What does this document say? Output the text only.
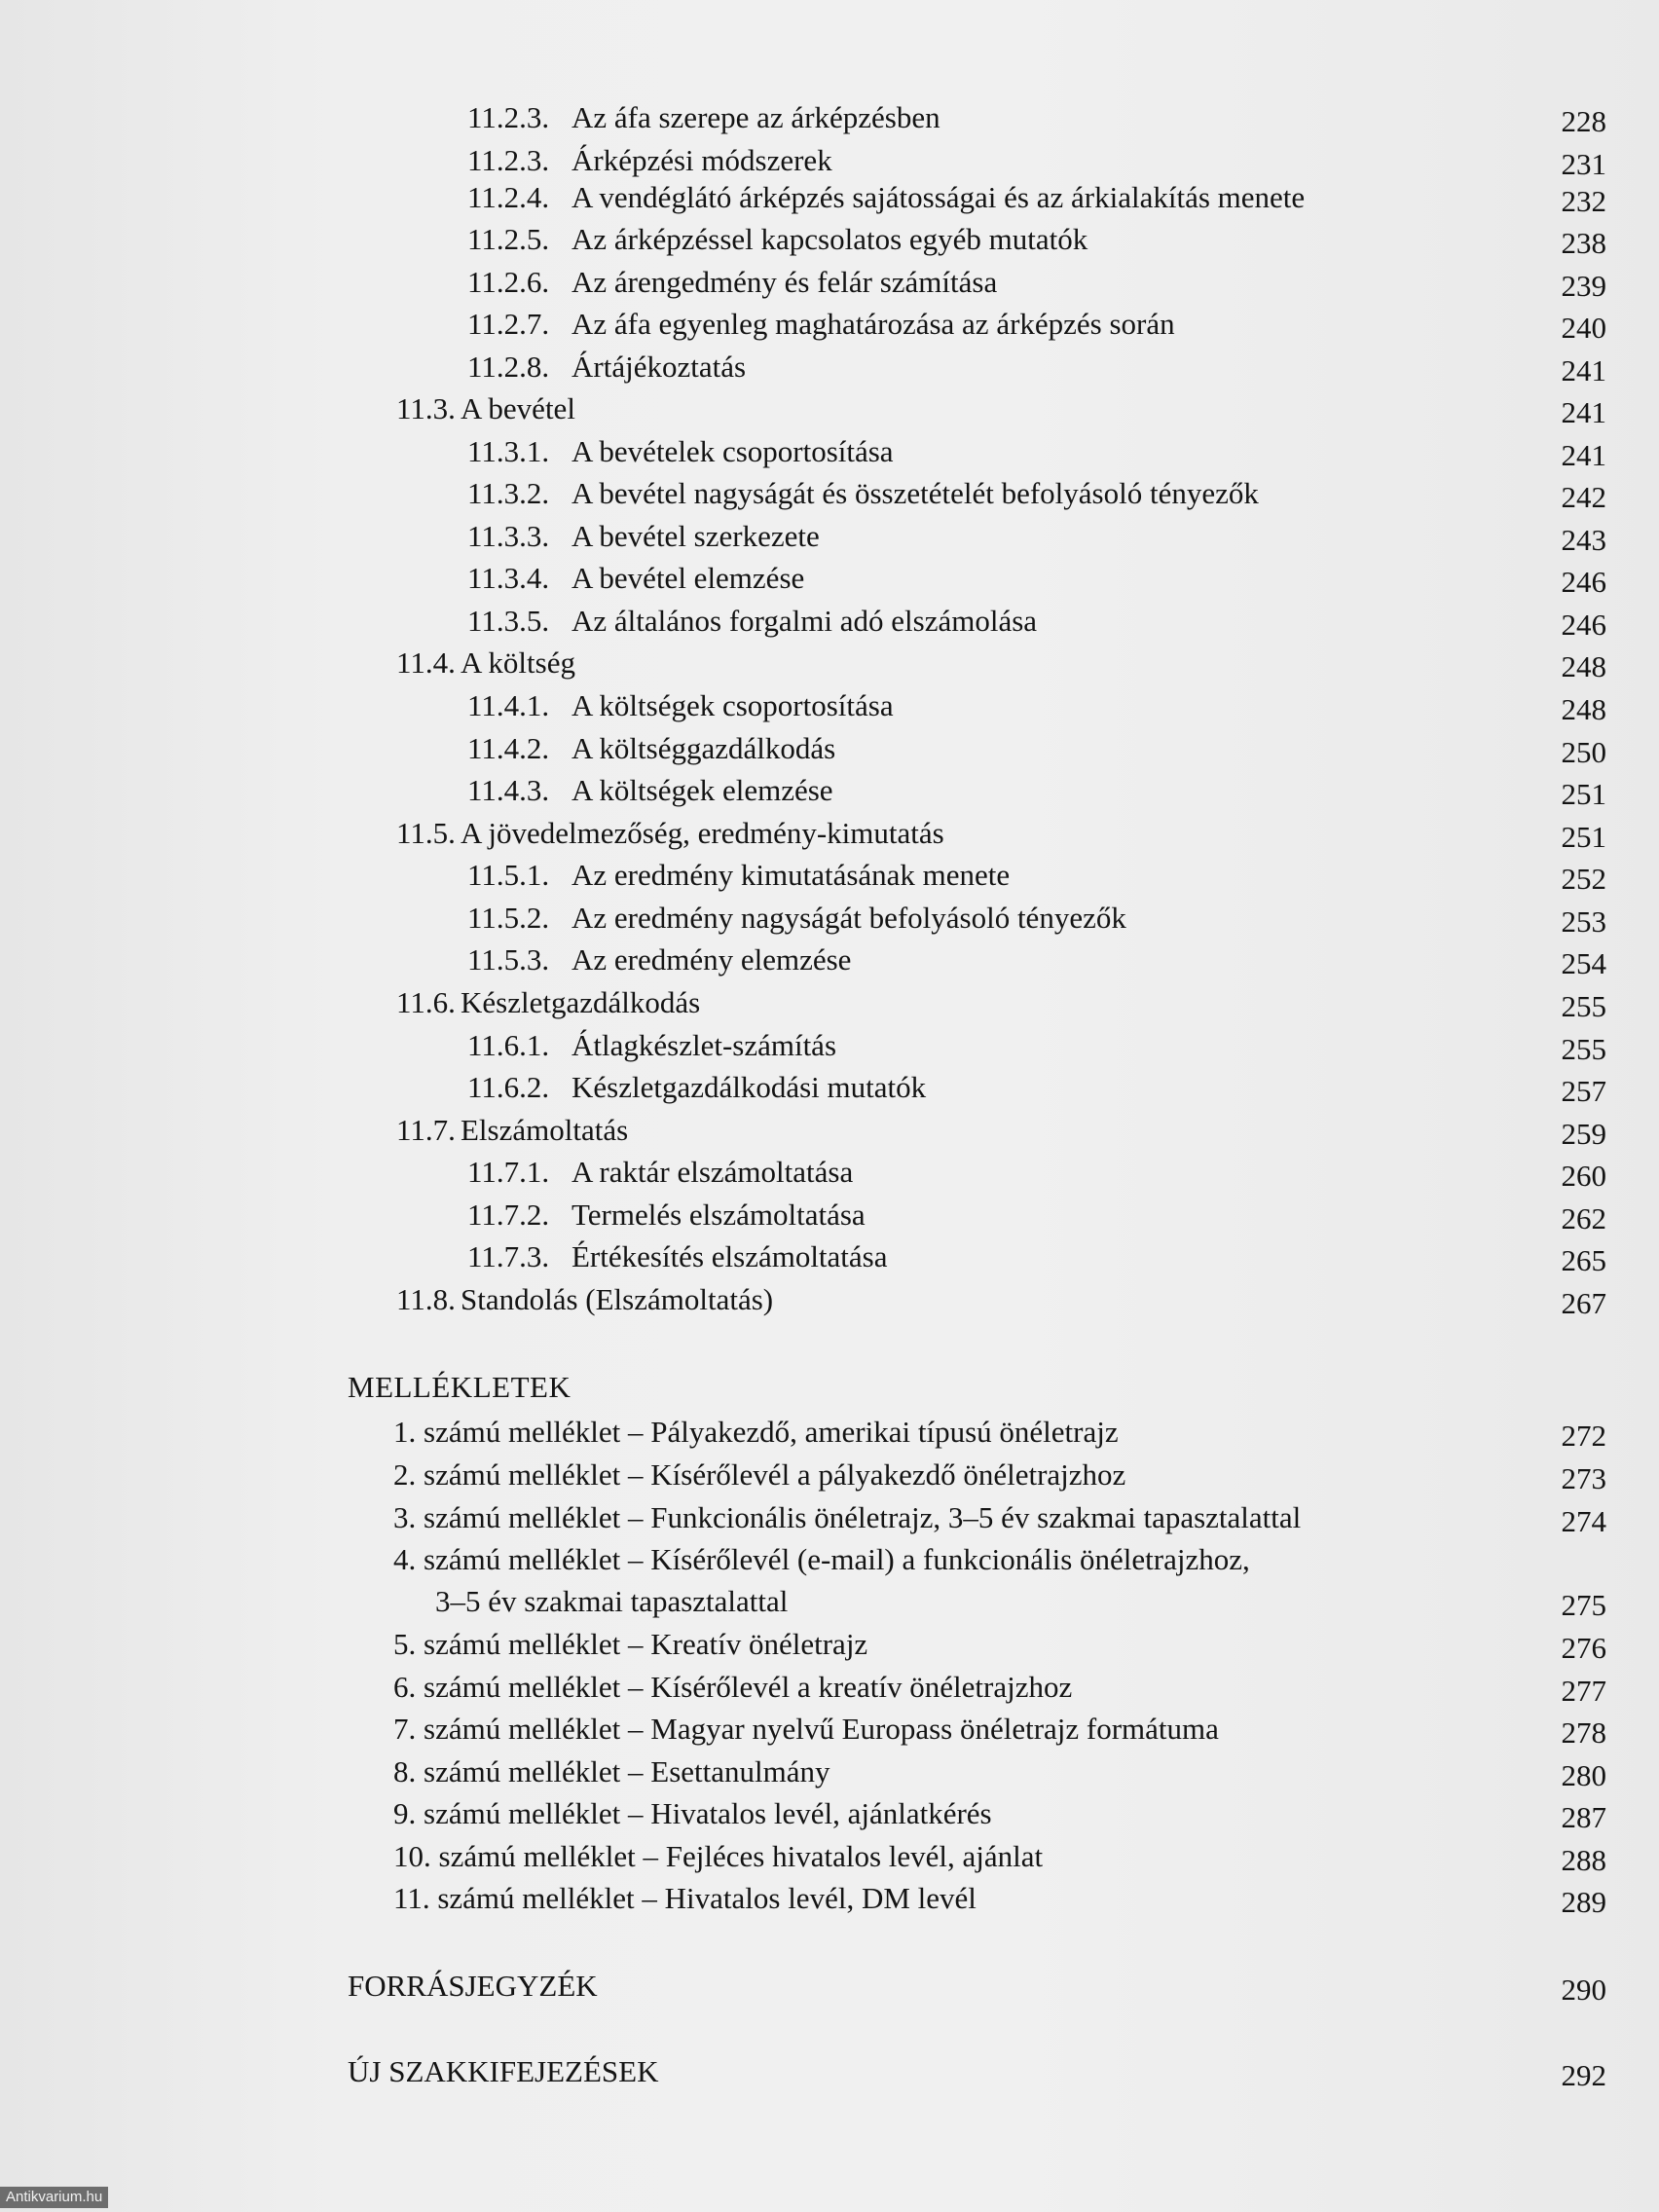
11.2.3. Az áfa szerepe az árképzésben	228
11.2.3. Árképzési módszerek	231
11.2.4. A vendéglátó árképzés sajátosságai és az árkialakítás menete	232
11.2.5. Az árképzéssel kapcsolatos egyéb mutatók	238
11.2.6. Az árengedmény és felár számítása	239
11.2.7. Az áfa egyenleg maghatározása az árképzés során	240
11.2.8. Ártájékoztatás	241
11.3. A bevétel	241
11.3.1. A bevételek csoportosítása	241
11.3.2. A bevétel nagyságát és összetételét befolyásoló tényezők	242
11.3.3. A bevétel szerkezete	243
11.3.4. A bevétel elemzése	246
11.3.5. Az általános forgalmi adó elszámolása	246
11.4. A költség	248
11.4.1. A költségek csoportosítása	248
11.4.2. A költséggazdálkodás	250
11.4.3. A költségek elemzése	251
11.5. A jövedelmezőség, eredmény-kimutatás	251
11.5.1. Az eredmény kimutatásának menete	252
11.5.2. Az eredmény nagyságát befolyásoló tényezők	253
11.5.3. Az eredmény elemzése	254
11.6. Készletgazdálkodás	255
11.6.1. Átlagkészlet-számítás	255
11.6.2. Készletgazdálkodási mutatók	257
11.7. Elszámoltatás	259
11.7.1. A raktár elszámoltatása	260
11.7.2. Termelés elszámoltatása	262
11.7.3. Értékesítés elszámoltatása	265
11.8. Standolás (Elszámoltatás)	267
MELLÉKLETEK
1. számú melléklet – Pályakezdő, amerikai típusú önéletrajz	272
2. számú melléklet – Kísérőlevél a pályakezdő önéletrajzhoz	273
3. számú melléklet – Funkcionális önéletrajz, 3–5 év szakmai tapasztalattal	274
4. számú melléklet – Kísérőlevél (e-mail) a funkcionális önéletrajzhoz,
3–5 év szakmai tapasztalattal	275
5. számú melléklet – Kreatív önéletrajz	276
6. számú melléklet – Kísérőlevél a kreatív önéletrajzhoz	277
7. számú melléklet – Magyar nyelvű Europass önéletrajz formátuma	278
8. számú melléklet – Esettanulmány	280
9. számú melléklet – Hivatalos levél, ajánlatkérés	287
10. számú melléklet – Fejléces hivatalos levél, ajánlat	288
11. számú melléklet – Hivatalos levél, DM levél	289
FORRÁSJEGYZÉK	290
ÚJ SZAKKIFEJEZÉSEK	292
Antikvarium.hu
